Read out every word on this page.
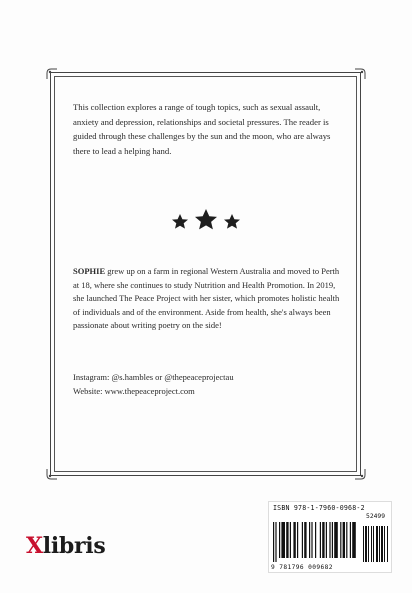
This collection explores a range of tough topics, such as sexual assault, anxiety and depression, relationships and societal pressures. The reader is guided through these challenges by the sun and the moon, who are always there to lead a helping hand.

SOPHIE grew up on a farm in regional Western Australia and moved to Perth at 18, where she continues to study Nutrition and Health Promotion. In 2019, she launched The Peace Project with her sister, which promotes holistic health of individuals and of the environment. Aside from health, she's always been passionate about writing poetry on the side!

Instagram: @s.hambles or @thepeaceprojectau
Website: www.thepeaceproject.com
Xlibris
ISBN 978-1-7960-0968-2
52499
9 781796 009682
